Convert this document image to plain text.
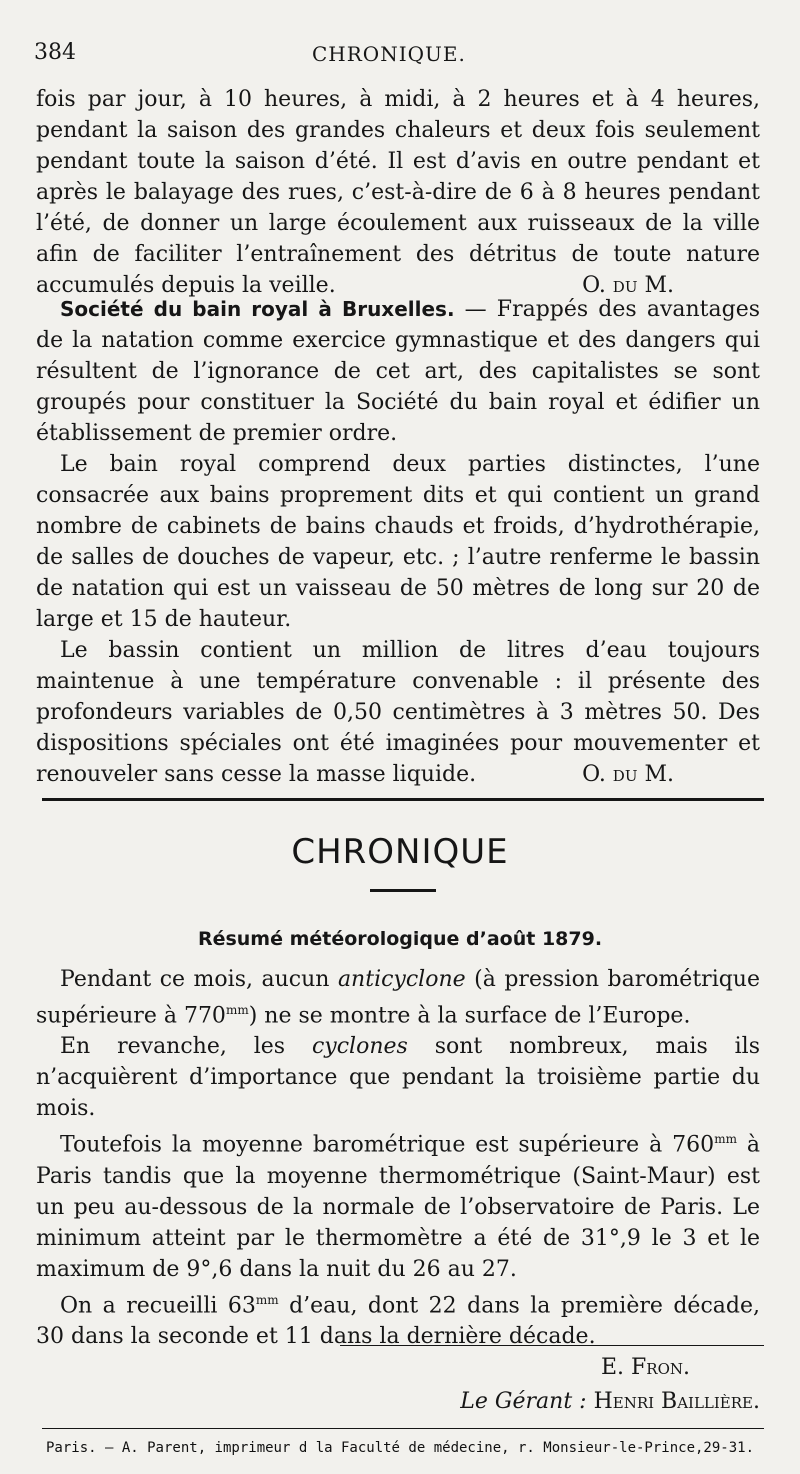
384	CHRONIQUE.

fois par jour, à 10 heures, à midi, à 2 heures et à 4 heures, pendant la saison des grandes chaleurs et deux fois seulement pendant toute la saison d’été. Il est d’avis en outre pendant et après le balayage des rues, c’est-à-dire de 6 à 8 heures pendant l’été, de donner un large écoulement aux ruisseaux de la ville afin de faciliter l’entraînement des détritus de toute nature accumulés depuis la veille.	O. du M.

Société du bain royal à Bruxelles. — Frappés des avantages de la natation comme exercice gymnastique et des dangers qui résultent de l’ignorance de cet art, des capitalistes se sont groupés pour constituer la Société du bain royal et édifier un établissement de premier ordre.

Le bain royal comprend deux parties distinctes, l’une consacrée aux bains proprement dits et qui contient un grand nombre de cabinets de bains chauds et froids, d’hydrothérapie, de salles de douches de vapeur, etc. ; l’autre renferme le bassin de natation qui est un vaisseau de 50 mètres de long sur 20 de large et 15 de hauteur.

Le bassin contient un million de litres d’eau toujours maintenue à une température convenable : il présente des profondeurs variables de 0,50 centimètres à 3 mètres 50. Des dispositions spéciales ont été imaginées pour mouvementer et renouveler sans cesse la masse liquide.	O. du M.

CHRONIQUE
Résumé météorologique d’août 1879.

Pendant ce mois, aucun anticyclone (à pression barométrique supérieure à $770^{mm}$) ne se montre à la surface de l’Europe.

En revanche, les cyclones sont nombreux, mais ils n’acquièrent d’importance que pendant la troisième partie du mois.

Toutefois la moyenne barométrique est supérieure à $760^{mm}$ à Paris tandis que la moyenne thermométrique (Saint-Maur) est un peu au-dessous de la normale de l’observatoire de Paris. Le minimum atteint par le thermomètre a été de 31°,9 le 3 et le maximum de 9°,6 dans la nuit du 26 au 27.

On a recueilli $63^{mm}$ d’eau, dont 22 dans la première décade, 30 dans la seconde et 11 dans la dernière décade.

E. Fron.

Le Gérant : Henri Baillière.
Paris. — A. Parent, imprimeur d la Faculté de médecine, r. Monsieur-le-Prince,29-31.
